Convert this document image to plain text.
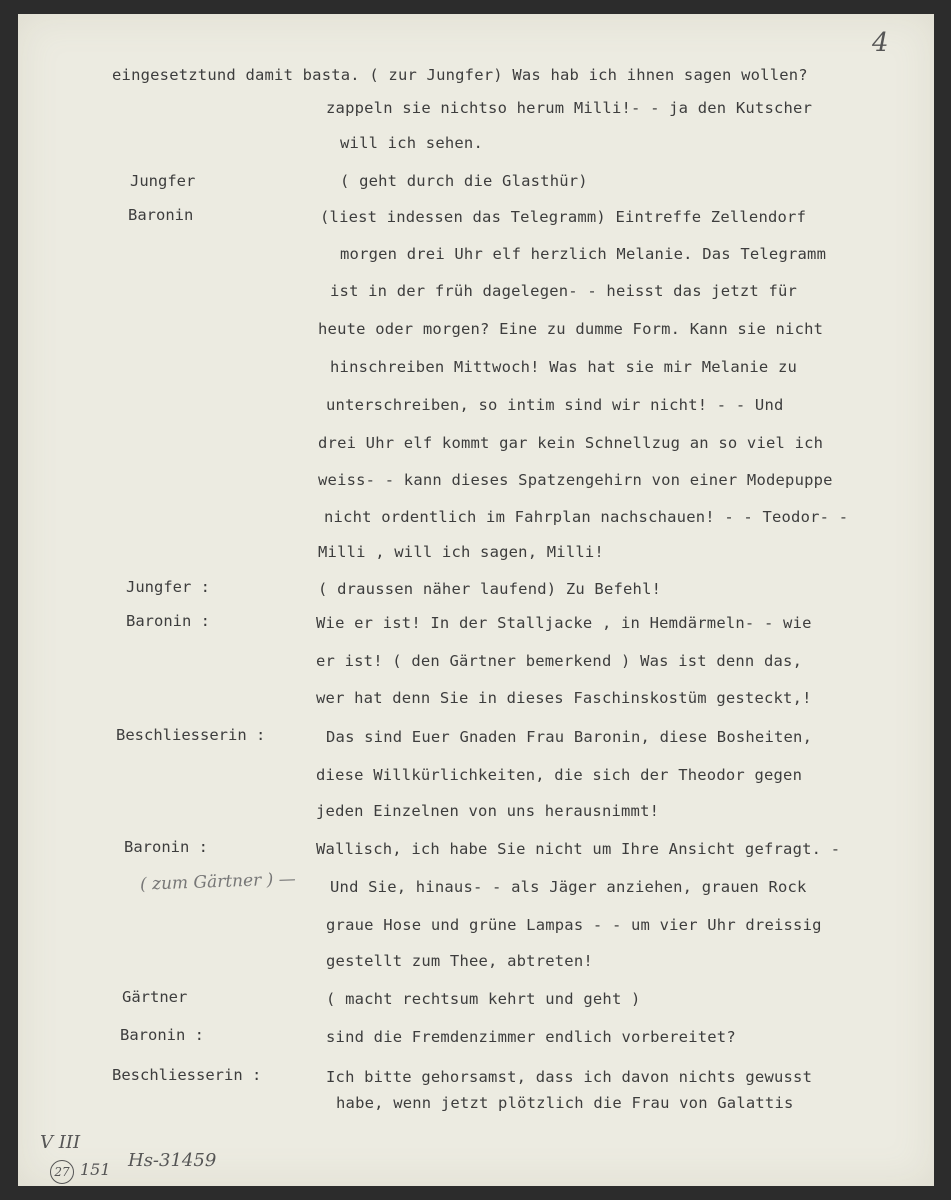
4
eingesetztund damit basta. ( zur Jungfer) Was hab ich ihnen sagen wollen?
zappeln sie nichtso herum Milli!- - ja den Kutscher
will ich sehen.
( geht durch die Glasthür)
(liest indessen das Telegramm) Eintreffe Zellendorf
morgen drei Uhr elf herzlich Melanie. Das Telegramm
ist in der früh dagelegen- - heisst das jetzt für
heute oder morgen? Eine zu dumme Form. Kann sie nicht
hinschreiben Mittwoch! Was hat sie mir Melanie zu
unterschreiben, so intim sind wir nicht! - - Und
drei Uhr elf kommt gar kein Schnellzug an so viel ich
weiss- - kann dieses Spatzengehirn von einer Modepuppe
nicht ordentlich im Fahrplan nachschauen! - - Teodor- -
Milli , will ich sagen, Milli!
( draussen näher laufend) Zu Befehl!
Wie er ist! In der Stalljacke , in Hemdärmeln- - wie
er ist! ( den Gärtner bemerkend ) Was ist denn das,
wer hat denn Sie in dieses Faschinskostüm gesteckt,!
Das sind Euer Gnaden Frau Baronin, diese Bosheiten,
diese Willkürlichkeiten, die sich der Theodor gegen
jeden Einzelnen von uns herausnimmt!
Wallisch, ich habe Sie nicht um Ihre Ansicht gefragt. -
Und Sie, hinaus- - als Jäger anziehen, grauen Rock
graue Hose und grüne Lampas - - um vier Uhr dreissig
gestellt zum Thee, abtreten!
( macht rechtsum kehrt und geht )
sind die Fremdenzimmer endlich vorbereitet?
Ich bitte gehorsamst, dass ich davon nichts gewusst
habe, wenn jetzt plötzlich die Frau von Galattis
Jungfer
Baronin
Jungfer :
Baronin :
Beschliesserin :
Baronin :
Gärtner
Baronin :
Beschliesserin :
( zum Gärtner ) —
V III
27 151 Hs-31459
